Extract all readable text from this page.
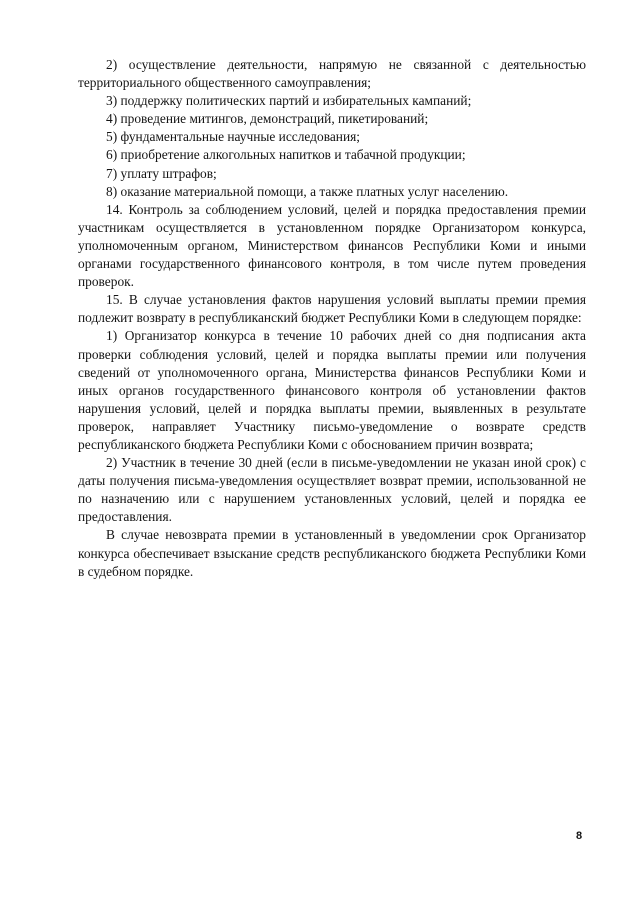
2) осуществление деятельности, напрямую не связанной с деятельностью территориального общественного самоуправления;

3) поддержку политических партий и избирательных кампаний;

4) проведение митингов, демонстраций, пикетирований;

5) фундаментальные научные исследования;

6) приобретение алкогольных напитков и табачной продукции;

7) уплату штрафов;

8) оказание материальной помощи, а также платных услуг населению.

14. Контроль за соблюдением условий, целей и порядка предоставления премии участникам осуществляется в установленном порядке Организатором конкурса, уполномоченным органом, Министерством финансов Республики Коми и иными органами государственного финансового контроля, в том числе путем проведения проверок.

15. В случае установления фактов нарушения условий выплаты премии премия подлежит возврату в республиканский бюджет Республики Коми в следующем порядке:

1) Организатор конкурса в течение 10 рабочих дней со дня подписания акта проверки соблюдения условий, целей и порядка выплаты премии или получения сведений от уполномоченного органа, Министерства финансов Республики Коми и иных органов государственного финансового контроля об установлении фактов нарушения условий, целей и порядка выплаты премии, выявленных в результате проверок, направляет Участнику письмо-уведомление о возврате средств республиканского бюджета Республики Коми с обоснованием причин возврата;

2) Участник в течение 30 дней (если в письме-уведомлении не указан иной срок) с даты получения письма-уведомления осуществляет возврат премии, использованной не по назначению или с нарушением установленных условий, целей и порядка ее предоставления.

В случае невозврата премии в установленный в уведомлении срок Организатор конкурса обеспечивает взыскание средств республиканского бюджета Республики Коми в судебном порядке.

8
